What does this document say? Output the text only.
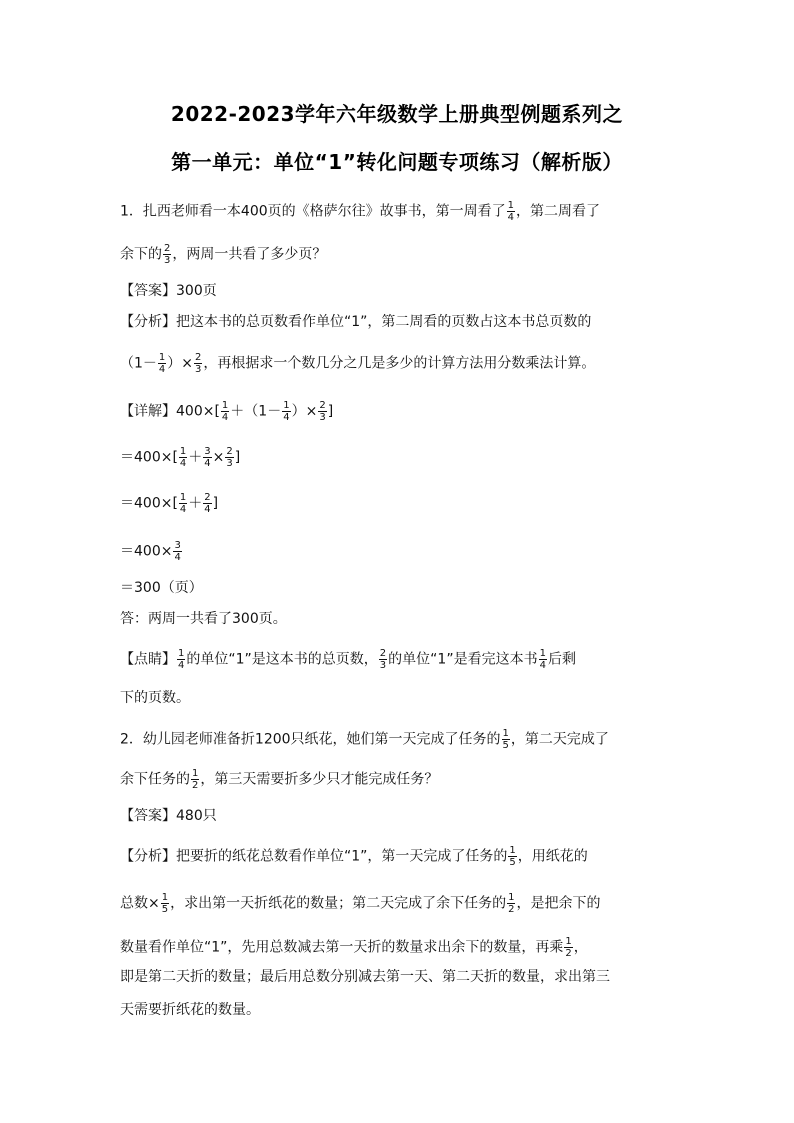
2022-2023学年六年级数学上册典型例题系列之
第一单元：单位“1”转化问题专项练习（解析版）
1．扎西老师看一本400页的《格萨尔往》故事书，第一周看了 $\frac{1}{4}$ ，第二周看了
余下的 $\frac{2}{3}$ ，两周一共看了多少页？
【答案】300页
【分析】把这本书的总页数看作单位“1”，第二周看的页数占这本书总页数的
（$1- \frac{1}{4}$ ）× $\frac{2}{3}$ ，再根据求一个数几分之几是多少的计算方法用分数乘法计算。
【详解】$400\times[ \frac{1}{4} +(1- \frac{1}{4}$ ）× $\frac{2}{3}$ ]
$=400\times[ \frac{1}{4} + \frac{3}{4} \times \frac{2}{3}$ ]
$=400\times[ \frac{1}{4} + \frac{2}{4}$ ]
$=400\times \frac{3}{4}$
＝300（页）
答：两周一共看了300页。
【点睛】 $\frac{1}{4}$ 的单位“1”是这本书的总页数， $\frac{2}{3}$ 的单位“1”是看完这本书 $\frac{1}{4}$ 后剩
下的页数。
2．幼儿园老师准备折1200只纸花，她们第一天完成了任务的 $\frac{1}{5}$ ，第二天完成了
余下任务的 $\frac{1}{2}$ ，第三天需要折多少只才能完成任务？
【答案】480只
【分析】把要折的纸花总数看作单位“1”，第一天完成了任务的 $\frac{1}{5}$ ，用纸花的
总数× $\frac{1}{5}$ ，求出第一天折纸花的数量；第二天完成了余下任务的 $\frac{1}{2}$ ，是把余下的
数量看作单位“1”，先用总数减去第一天折的数量求出余下的数量，再乘 $\frac{1}{2}$ ，
即是第二天折的数量；最后用总数分别减去第一天、第二天折的数量，求出第三
天需要折纸花的数量。
